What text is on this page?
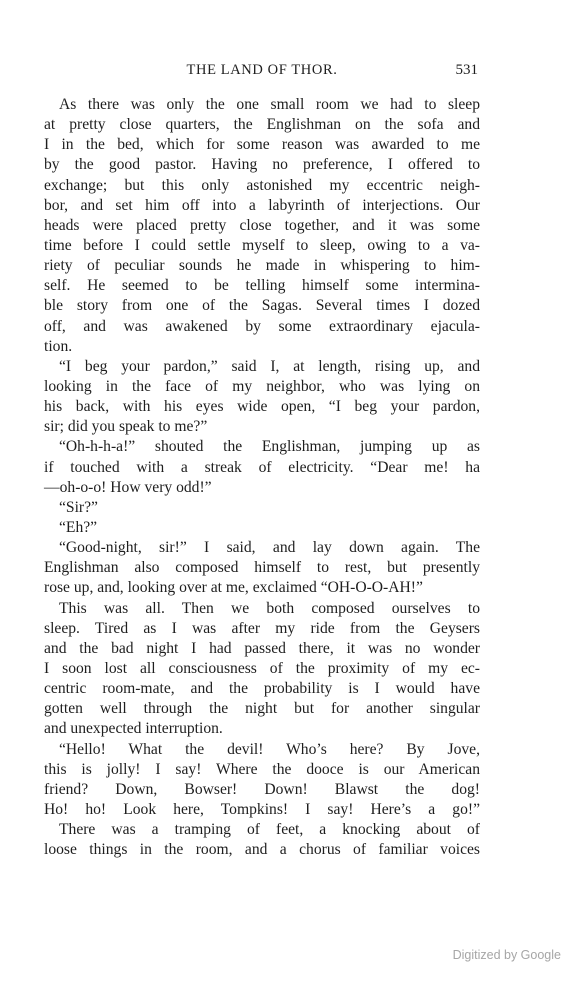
THE LAND OF THOR.	531
As there was only the one small room we had to sleep
at pretty close quarters, the Englishman on the sofa and
I in the bed, which for some reason was awarded to me
by the good pastor. Having no preference, I offered to
exchange; but this only astonished my eccentric neigh-
bor, and set him off into a labyrinth of interjections. Our
heads were placed pretty close together, and it was some
time before I could settle myself to sleep, owing to a va-
riety of peculiar sounds he made in whispering to him-
self. He seemed to be telling himself some intermina-
ble story from one of the Sagas. Several times I dozed
off, and was awakened by some extraordinary ejacula-
tion.
“I beg your pardon,” said I, at length, rising up, and
looking in the face of my neighbor, who was lying on
his back, with his eyes wide open, “I beg your pardon,
sir; did you speak to me?”
“Oh-h-h-a!” shouted the Englishman, jumping up as
if touched with a streak of electricity. “Dear me! ha
—oh-o-o! How very odd!”
“Sir?”
“Eh?”
“Good-night, sir!” I said, and lay down again. The
Englishman also composed himself to rest, but presently
rose up, and, looking over at me, exclaimed “OH-O-O-AH!”
This was all. Then we both composed ourselves to
sleep. Tired as I was after my ride from the Geysers
and the bad night I had passed there, it was no wonder
I soon lost all consciousness of the proximity of my ec-
centric room-mate, and the probability is I would have
gotten well through the night but for another singular
and unexpected interruption.
“Hello! What the devil! Who’s here? By Jove,
this is jolly! I say! Where the dooce is our American
friend? Down, Bowser! Down! Blawst the dog!
Ho! ho! Look here, Tompkins! I say! Here’s a go!”
There was a tramping of feet, a knocking about of
loose things in the room, and a chorus of familiar voices
Digitized by Google
